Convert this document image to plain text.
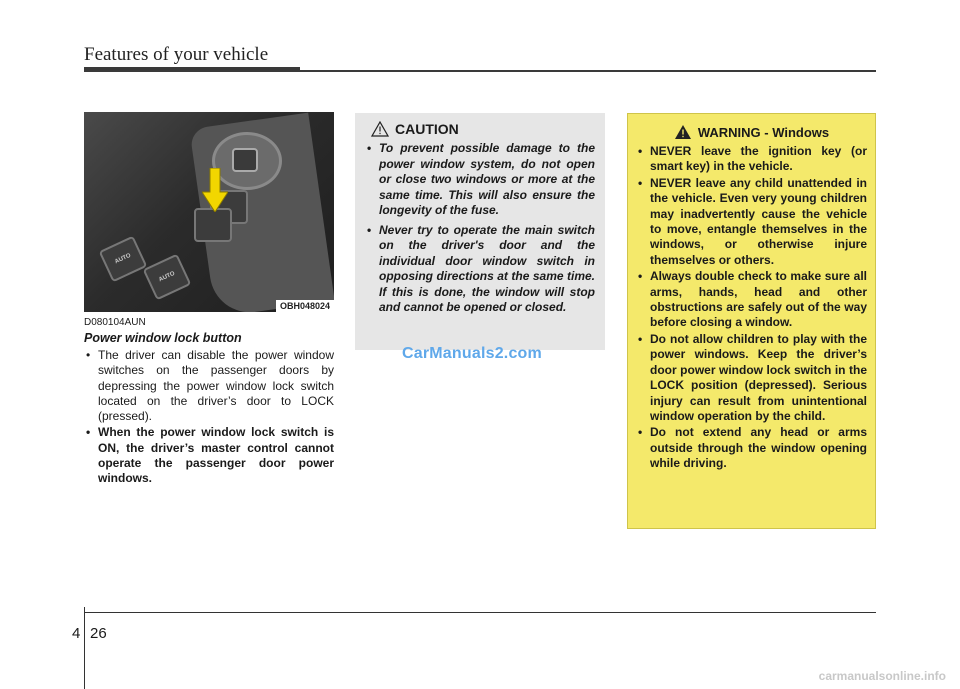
Features of your vehicle
AUTO
AUTO
OBH048024
D080104AUN
Power window lock button
• The driver can disable the power window switches on the passenger doors by depressing the power window lock switch located on the driver’s door to LOCK (pressed).
• When the power window lock switch is ON, the driver’s master control cannot operate the passenger door power windows.
CAUTION
• To prevent possible damage to the power window system, do not open or close two windows or more at the same time. This will also ensure the longevity of the fuse.
• Never try to operate the main switch on the driver's door and the individual door window switch in opposing directions at the same time. If this is done, the window will stop and cannot be opened or closed.
CarManuals2.com
WARNING - Windows
• NEVER leave the ignition key (or smart key) in the vehicle.
• NEVER leave any child unattended in the vehicle. Even very young children may inadvertently cause the vehicle to move, entangle themselves in the windows, or otherwise injure themselves or others.
• Always double check to make sure all arms, hands, head and other obstructions are safely out of the way before closing a window.
• Do not allow children to play with the power windows. Keep the driver’s door power window lock switch in the LOCK position (depressed). Serious injury can result from unintentional window operation by the child.
• Do not extend any head or arms outside through the window opening while driving.
4 26
carmanualsonline.info
